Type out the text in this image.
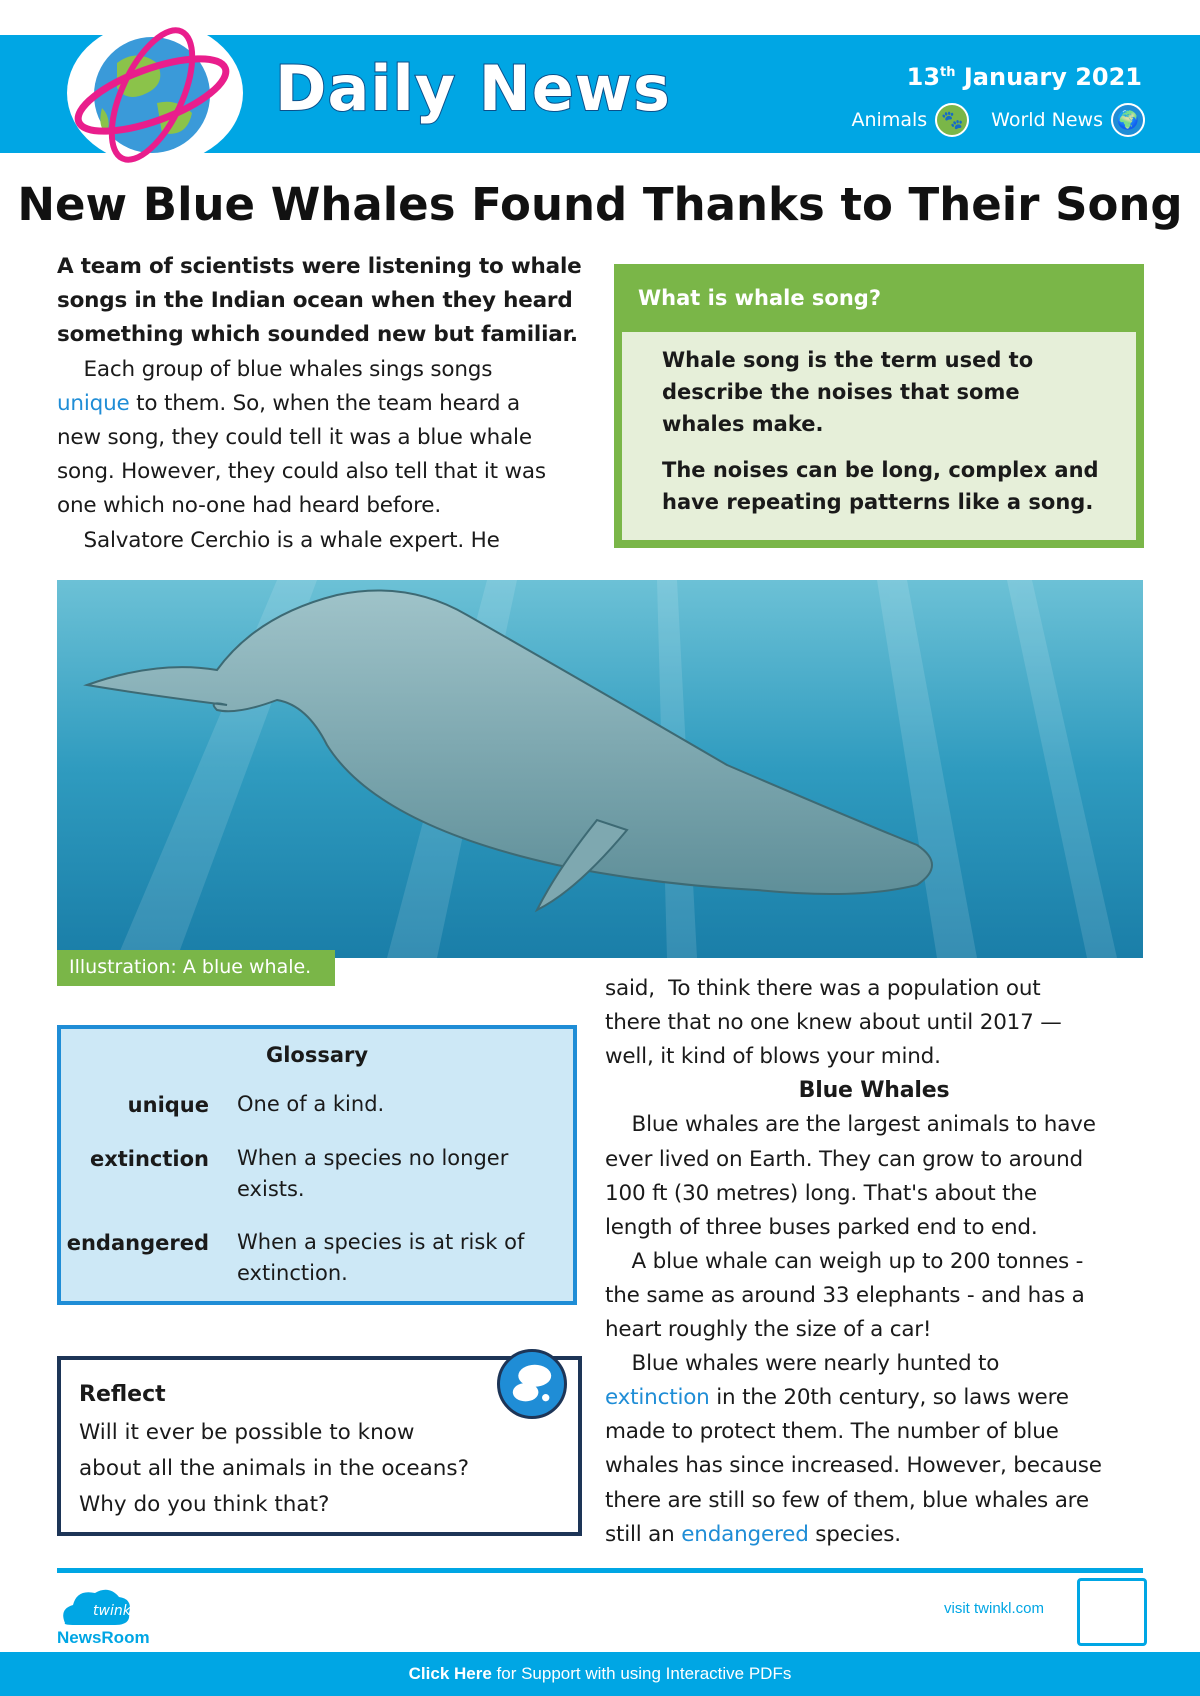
Daily News	13th January 2021
Animals 🐾	World News 🌍
New Blue Whales Found Thanks to Their Song
A team of scientists were listening to whale
songs in the Indian ocean when they heard
something which sounded new but familiar.
Each group of blue whales sings songs
unique to them. So, when the team heard a
new song, they could tell it was a blue whale
song. However, they could also tell that it was
one which no-one had heard before.
Salvatore Cerchio is a whale expert. He
What is whale song?

Whale song is the term used to describe the noises that some whales make.

The noises can be long, complex and have repeating patterns like a song.

Illustration: A blue whale.
Glossary
unique One of a kind.
extinction When a species no longer exists.
endangered When a species is at risk of extinction.
Reflect
Will it ever be possible to know
about all the animals in the oceans?
Why do you think that?
said,  To think there was a population out
there that no one knew about until 2017 —
well, it kind of blows your mind.
Blue Whales
Blue whales are the largest animals to have
ever lived on Earth. They can grow to around
100 ft (30 metres) long. That's about the
length of three buses parked end to end.
A blue whale can weigh up to 200 tonnes -
the same as around 33 elephants - and has a
heart roughly the size of a car!
Blue whales were nearly hunted to
extinction in the 20th century, so laws were
made to protect them. The number of blue
whales has since increased. However, because
there are still so few of them, blue whales are
still an endangered species.
twinkl
NewsRoom
visit twinkl.com
Click Here for Support with using Interactive PDFs
